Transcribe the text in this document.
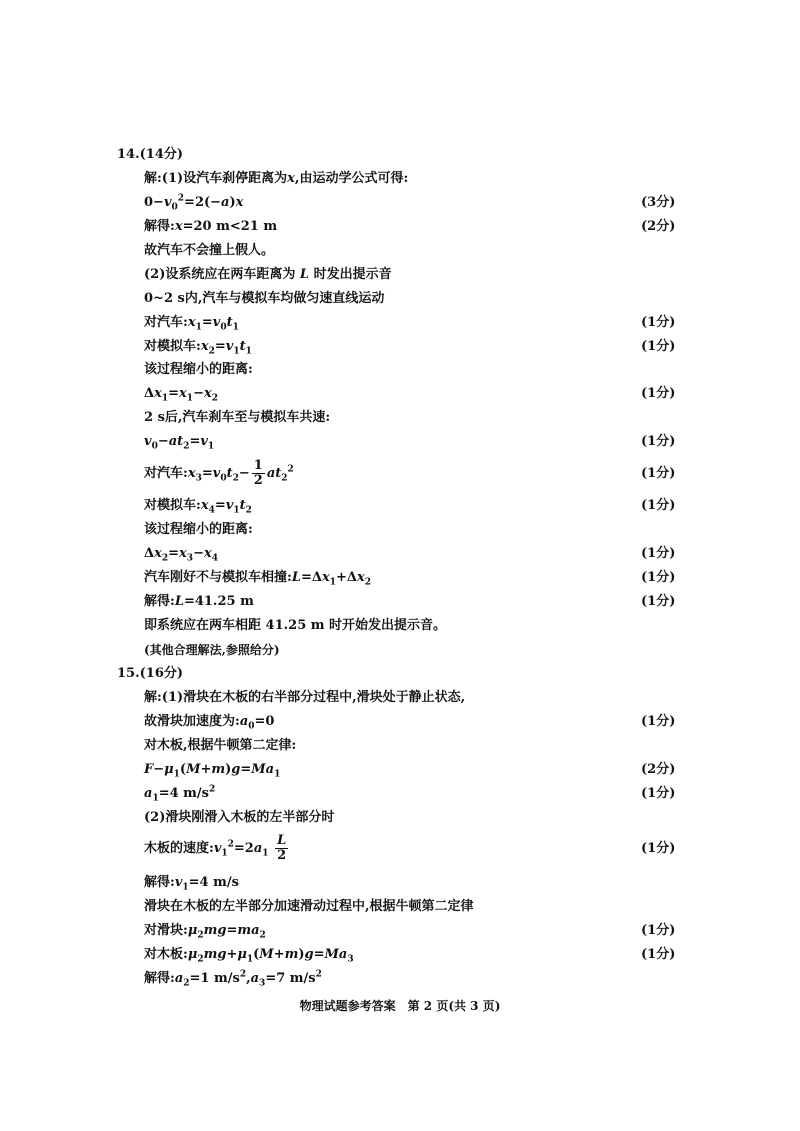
14.(14分)
解:(1)设汽车刹停距离为x,由运动学公式可得:
$0-v_0^2=2(-a)x$	(3分)
解得:x=20 m<21 m	(2分)
故汽车不会撞上假人。
(2)设系统应在两车距离为 L 时发出提示音
0~2 s内,汽车与模拟车均做匀速直线运动
对汽车$:x_1=v_0t_1$	(1分)
对模拟车$:x_2=v_1t_1$	(1分)
该过程缩小的距离:
$\Delta x_1=x_1-x_2$	(1分)
2 s后,汽车刹车至与模拟车共速:
$v_0-at_2=v_1$	(1分)
对汽车$:x_3=v_0t_2- \frac{1}{2} at_2^2$	(1分)
对模拟车$:x_4=v_1t_2$	(1分)
该过程缩小的距离:
$\Delta x_2=x_3-x_4$	(1分)
汽车刚好不与模拟车相撞$:L=\Delta x_1+\Delta x_2$	(1分)
解得:L=41.25 m	(1分)
即系统应在两车相距 41.25 m 时开始发出提示音。
(其他合理解法,参照给分)
15.(16分)
解:(1)滑块在木板的右半部分过程中,滑块处于静止状态,
故滑块加速度为$:a_0=0$	(1分)
对木板,根据牛顿第二定律:
$F-\mu_1(M+m)g=Ma_1$	(2分)
$a_1=4$ $m/s^2$	(1分)
(2)滑块刚滑入木板的左半部分时
木板的速度$:v_1^2=2a_1 \frac{L}{2}$	(1分)
解得$:v_1=4$ m/s
滑块在木板的左半部分加速滑动过程中,根据牛顿第二定律
对滑块$:\mu_2mg=ma_2$	(1分)
对木板$:\mu_2mg+\mu_1(M+m)g=Ma_3$	(1分)
解得$:a_2=1$ $m/s^2,a_3=7$ $m/s^2$
物理试题参考答案　第 2 页(共 3 页)
